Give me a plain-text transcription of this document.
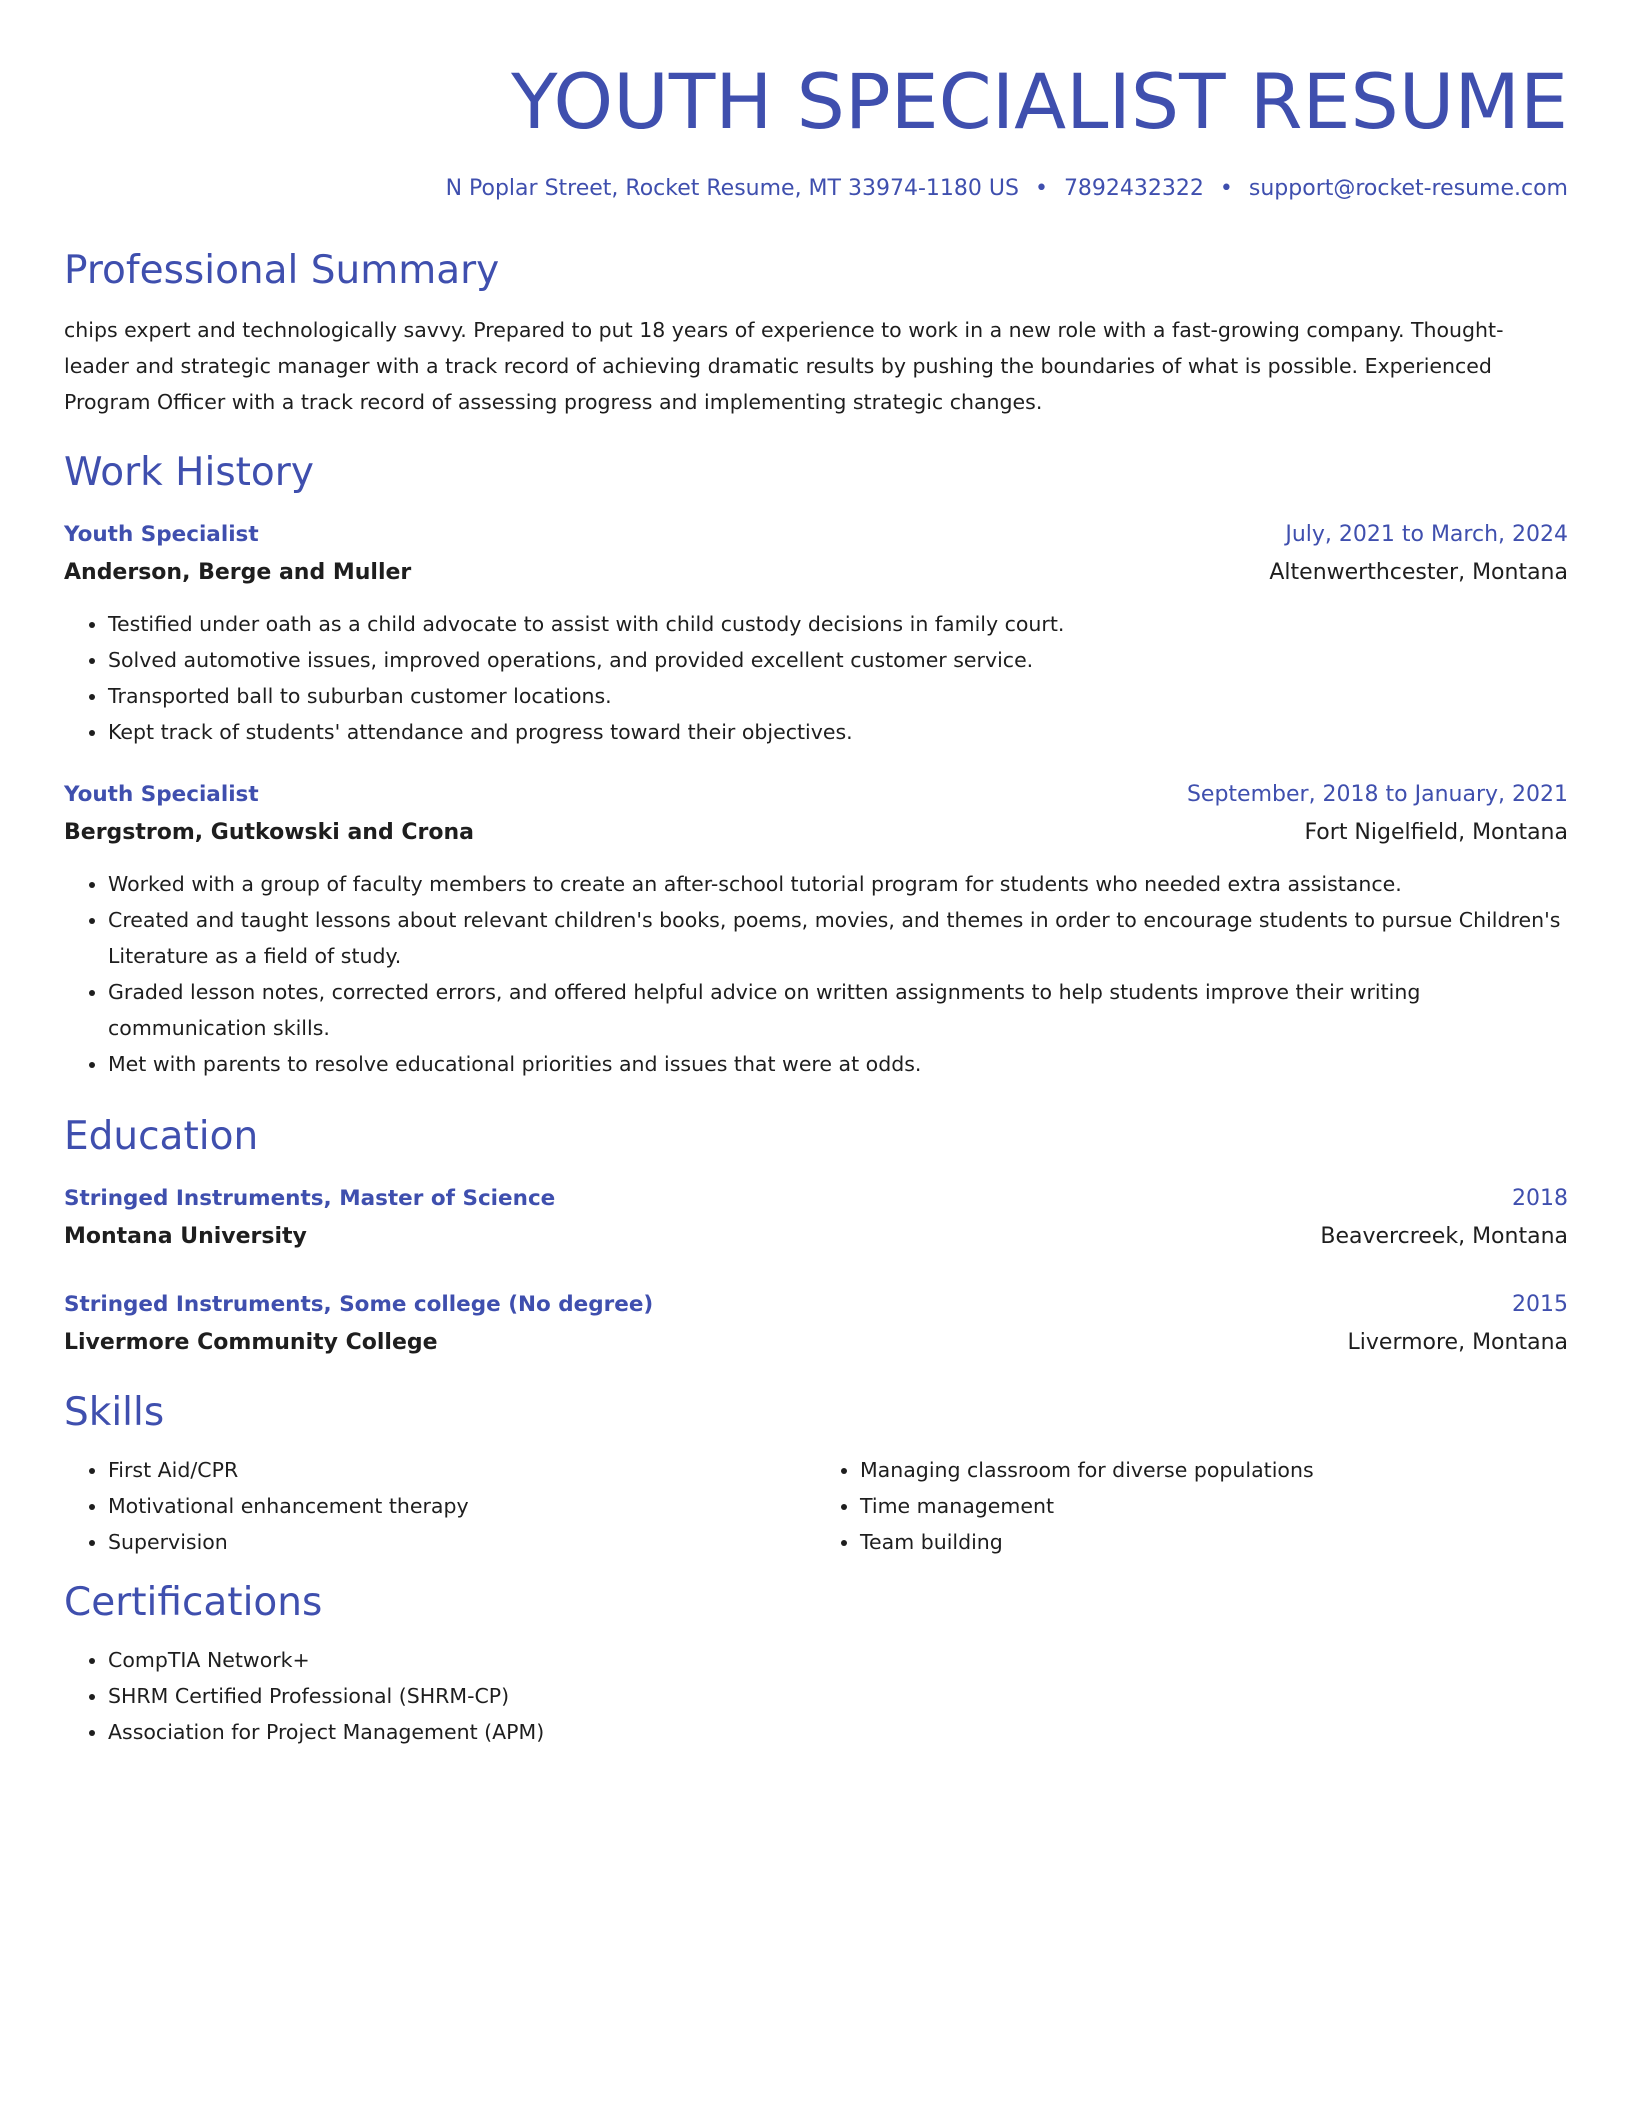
YOUTH SPECIALIST RESUME
N Poplar Street, Rocket Resume, MT 33974-1180 US • 7892432322 • support@rocket-resume.com
Professional Summary

chips expert and technologically savvy. Prepared to put 18 years of experience to work in a new role with a fast-growing company. Thought-leader and strategic manager with a track record of achieving dramatic results by pushing the boundaries of what is possible. Experienced Program Officer with a track record of assessing progress and implementing strategic changes.

Work History
Youth Specialist	July, 2021 to March, 2024
Anderson, Berge and Muller	Altenwerthcester, Montana
• Testified under oath as a child advocate to assist with child custody decisions in family court.
• Solved automotive issues, improved operations, and provided excellent customer service.
• Transported ball to suburban customer locations.
• Kept track of students' attendance and progress toward their objectives.
Youth Specialist	September, 2018 to January, 2021
Bergstrom, Gutkowski and Crona	Fort Nigelfield, Montana
• Worked with a group of faculty members to create an after-school tutorial program for students who needed extra assistance.
• Created and taught lessons about relevant children's books, poems, movies, and themes in order to encourage students to pursue Children's Literature as a field of study.
• Graded lesson notes, corrected errors, and offered helpful advice on written assignments to help students improve their writing communication skills.
• Met with parents to resolve educational priorities and issues that were at odds.
Education
Stringed Instruments, Master of Science	2018
Montana University	Beavercreek, Montana
Stringed Instruments, Some college (No degree)	2015
Livermore Community College	Livermore, Montana
Skills
• First Aid/CPR
• Motivational enhancement therapy
• Supervision
• Managing classroom for diverse populations
• Time management
• Team building
Certifications
• CompTIA Network+
• SHRM Certified Professional (SHRM-CP)
• Association for Project Management (APM)
